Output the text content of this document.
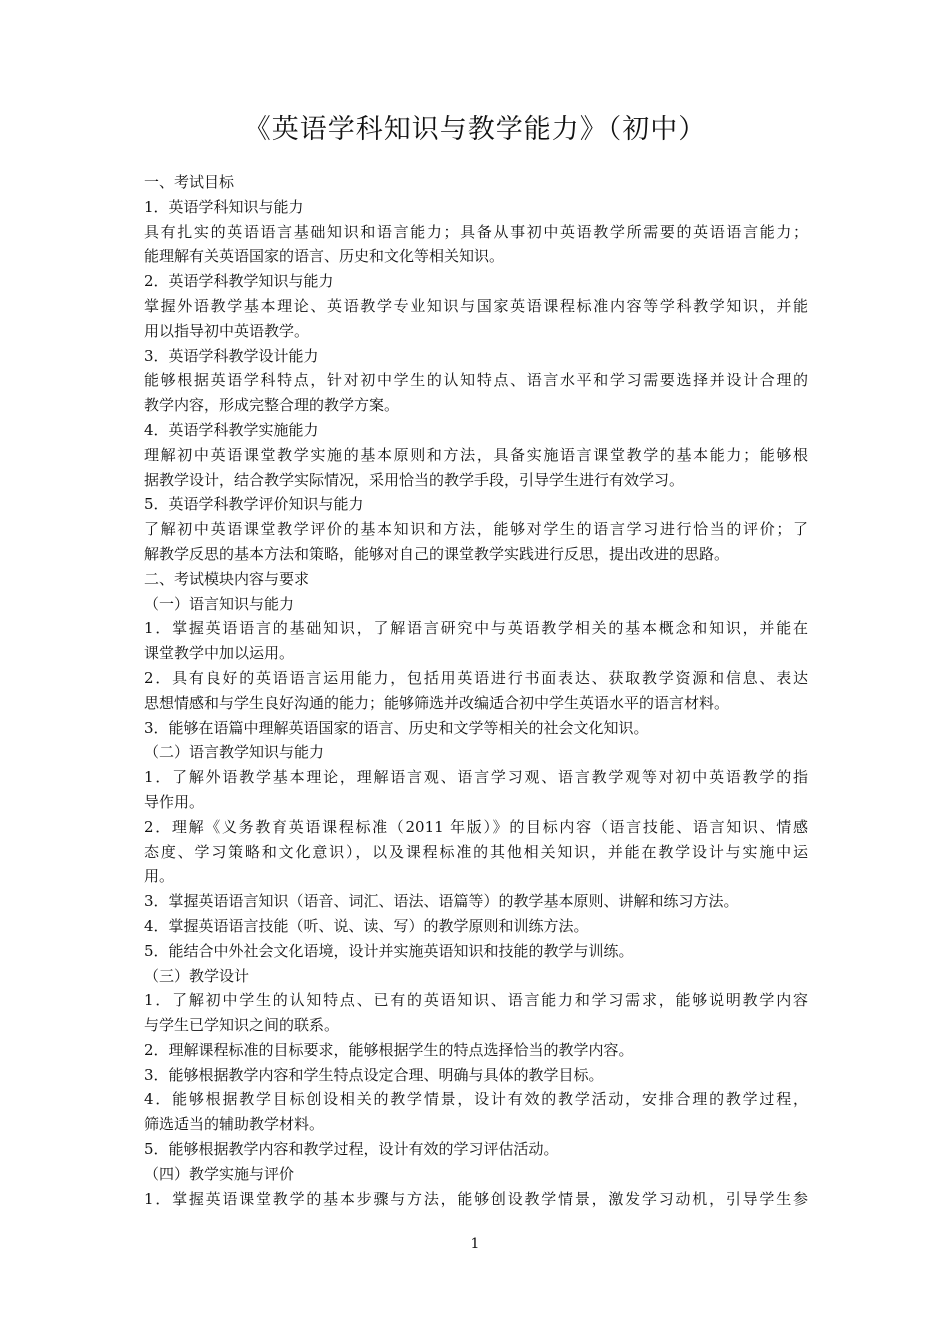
《英语学科知识与教学能力》（初中）

一、考试目标

1．英语学科知识与能力

具有扎实的英语语言基础知识和语言能力；具备从事初中英语教学所需要的英语语言能力；

能理解有关英语国家的语言、历史和文化等相关知识。

2．英语学科教学知识与能力

掌握外语教学基本理论、英语教学专业知识与国家英语课程标准内容等学科教学知识，并能

用以指导初中英语教学。

3．英语学科教学设计能力

能够根据英语学科特点，针对初中学生的认知特点、语言水平和学习需要选择并设计合理的

教学内容，形成完整合理的教学方案。

4．英语学科教学实施能力

理解初中英语课堂教学实施的基本原则和方法，具备实施语言课堂教学的基本能力；能够根

据教学设计，结合教学实际情况，采用恰当的教学手段，引导学生进行有效学习。

5．英语学科教学评价知识与能力

了解初中英语课堂教学评价的基本知识和方法，能够对学生的语言学习进行恰当的评价；了

解教学反思的基本方法和策略，能够对自己的课堂教学实践进行反思，提出改进的思路。

二、考试模块内容与要求

（一）语言知识与能力

1．掌握英语语言的基础知识，了解语言研究中与英语教学相关的基本概念和知识，并能在

课堂教学中加以运用。

2．具有良好的英语语言运用能力，包括用英语进行书面表达、获取教学资源和信息、表达

思想情感和与学生良好沟通的能力；能够筛选并改编适合初中学生英语水平的语言材料。

3．能够在语篇中理解英语国家的语言、历史和文学等相关的社会文化知识。

（二）语言教学知识与能力

1．了解外语教学基本理论，理解语言观、语言学习观、语言教学观等对初中英语教学的指

导作用。

2．理解《义务教育英语课程标准（2011 年版）》的目标内容（语言技能、语言知识、情感

态度、学习策略和文化意识），以及课程标准的其他相关知识，并能在教学设计与实施中运

用。

3．掌握英语语言知识（语音、词汇、语法、语篇等）的教学基本原则、讲解和练习方法。

4．掌握英语语言技能（听、说、读、写）的教学原则和训练方法。

5．能结合中外社会文化语境，设计并实施英语知识和技能的教学与训练。

（三）教学设计

1．了解初中学生的认知特点、已有的英语知识、语言能力和学习需求，能够说明教学内容

与学生已学知识之间的联系。

2．理解课程标准的目标要求，能够根据学生的特点选择恰当的教学内容。

3．能够根据教学内容和学生特点设定合理、明确与具体的教学目标。

4．能够根据教学目标创设相关的教学情景，设计有效的教学活动，安排合理的教学过程，

筛选适当的辅助教学材料。

5．能够根据教学内容和教学过程，设计有效的学习评估活动。

（四）教学实施与评价

1．掌握英语课堂教学的基本步骤与方法，能够创设教学情景，激发学习动机，引导学生参

1
